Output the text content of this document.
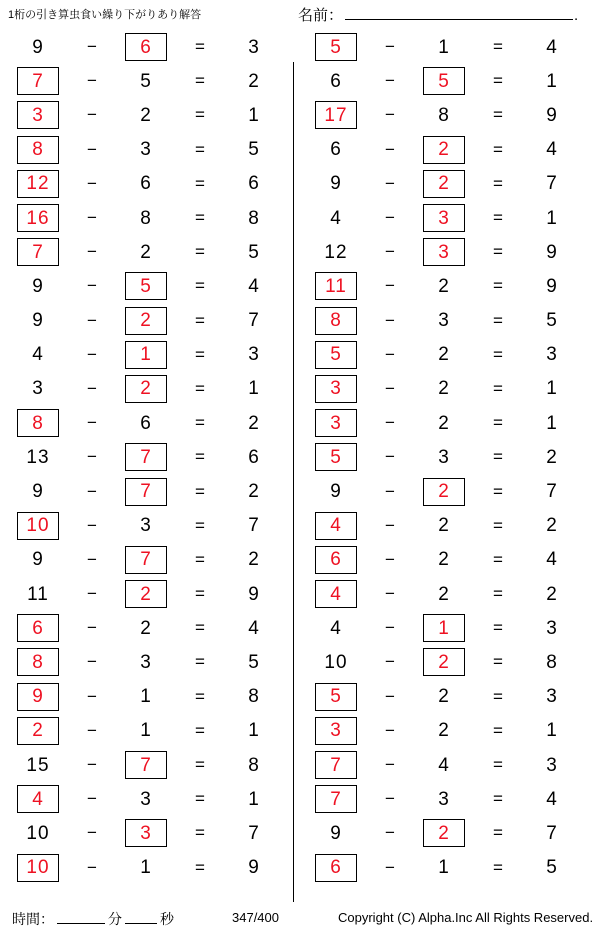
1桁の引き算虫食い繰り下がりあり解答	名前：	.
9	−	6	=	3
7	−	5	=	2
3	−	2	=	1
8	−	3	=	5
12	−	6	=	6
16	−	8	=	8
7	−	2	=	5
9	−	5	=	4
9	−	2	=	7
4	−	1	=	3
3	−	2	=	1
8	−	6	=	2
13	−	7	=	6
9	−	7	=	2
10	−	3	=	7
9	−	7	=	2
11	−	2	=	9
6	−	2	=	4
8	−	3	=	5
9	−	1	=	8
2	−	1	=	1
15	−	7	=	8
4	−	3	=	1
10	−	3	=	7
10	−	1	=	9
5	−	1	=	4
6	−	5	=	1
17	−	8	=	9
6	−	2	=	4
9	−	2	=	7
4	−	3	=	1
12	−	3	=	9
11	−	2	=	9
8	−	3	=	5
5	−	2	=	3
3	−	2	=	1
3	−	2	=	1
5	−	3	=	2
9	−	2	=	7
4	−	2	=	2
6	−	2	=	4
4	−	2	=	2
4	−	1	=	3
10	−	2	=	8
5	−	2	=	3
3	−	2	=	1
7	−	4	=	3
7	−	3	=	4
9	−	2	=	7
6	−	1	=	5
時間：	分	秒	347/400	Copyright (C) Alpha.Inc All Rights Reserved.
